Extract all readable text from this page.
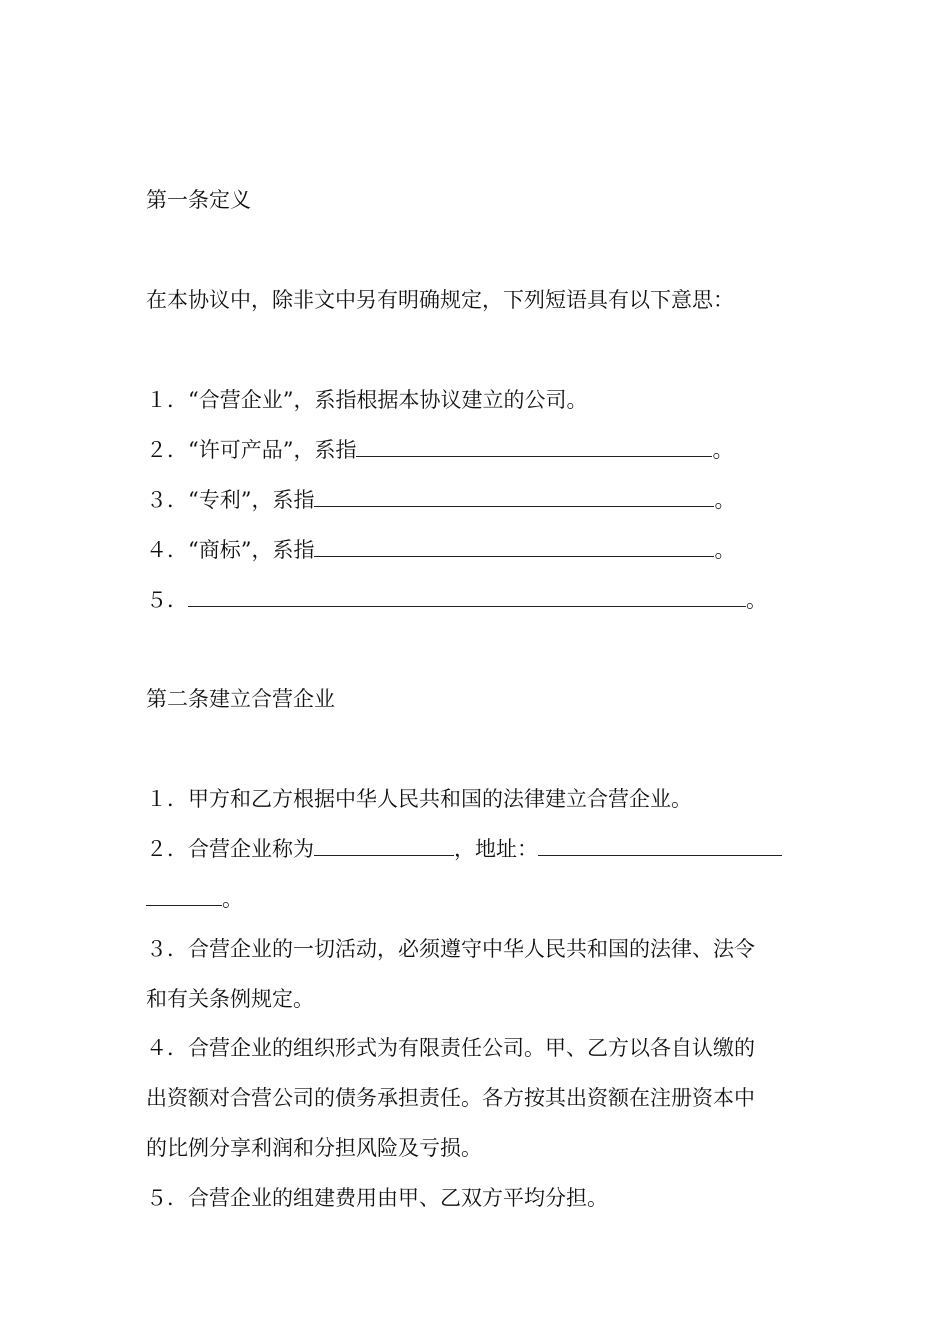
第一条定义
在本协议中，除非文中另有明确规定，下列短语具有以下意思：
１．“合营企业”，系指根据本协议建立的公司。
２．“许可产品”，系指	。
３．“专利”，系指	。
４．“商标”，系指	。
５．	。
第二条建立合营企业
１．甲方和乙方根据中华人民共和国的法律建立合营企业。
２．合营企业称为	，地址：
。
３．合营企业的一切活动，必须遵守中华人民共和国的法律、法令
和有关条例规定。
４．合营企业的组织形式为有限责任公司。甲、乙方以各自认缴的
出资额对合营公司的债务承担责任。各方按其出资额在注册资本中
的比例分享利润和分担风险及亏损。
５．合营企业的组建费用由甲、乙双方平均分担。
